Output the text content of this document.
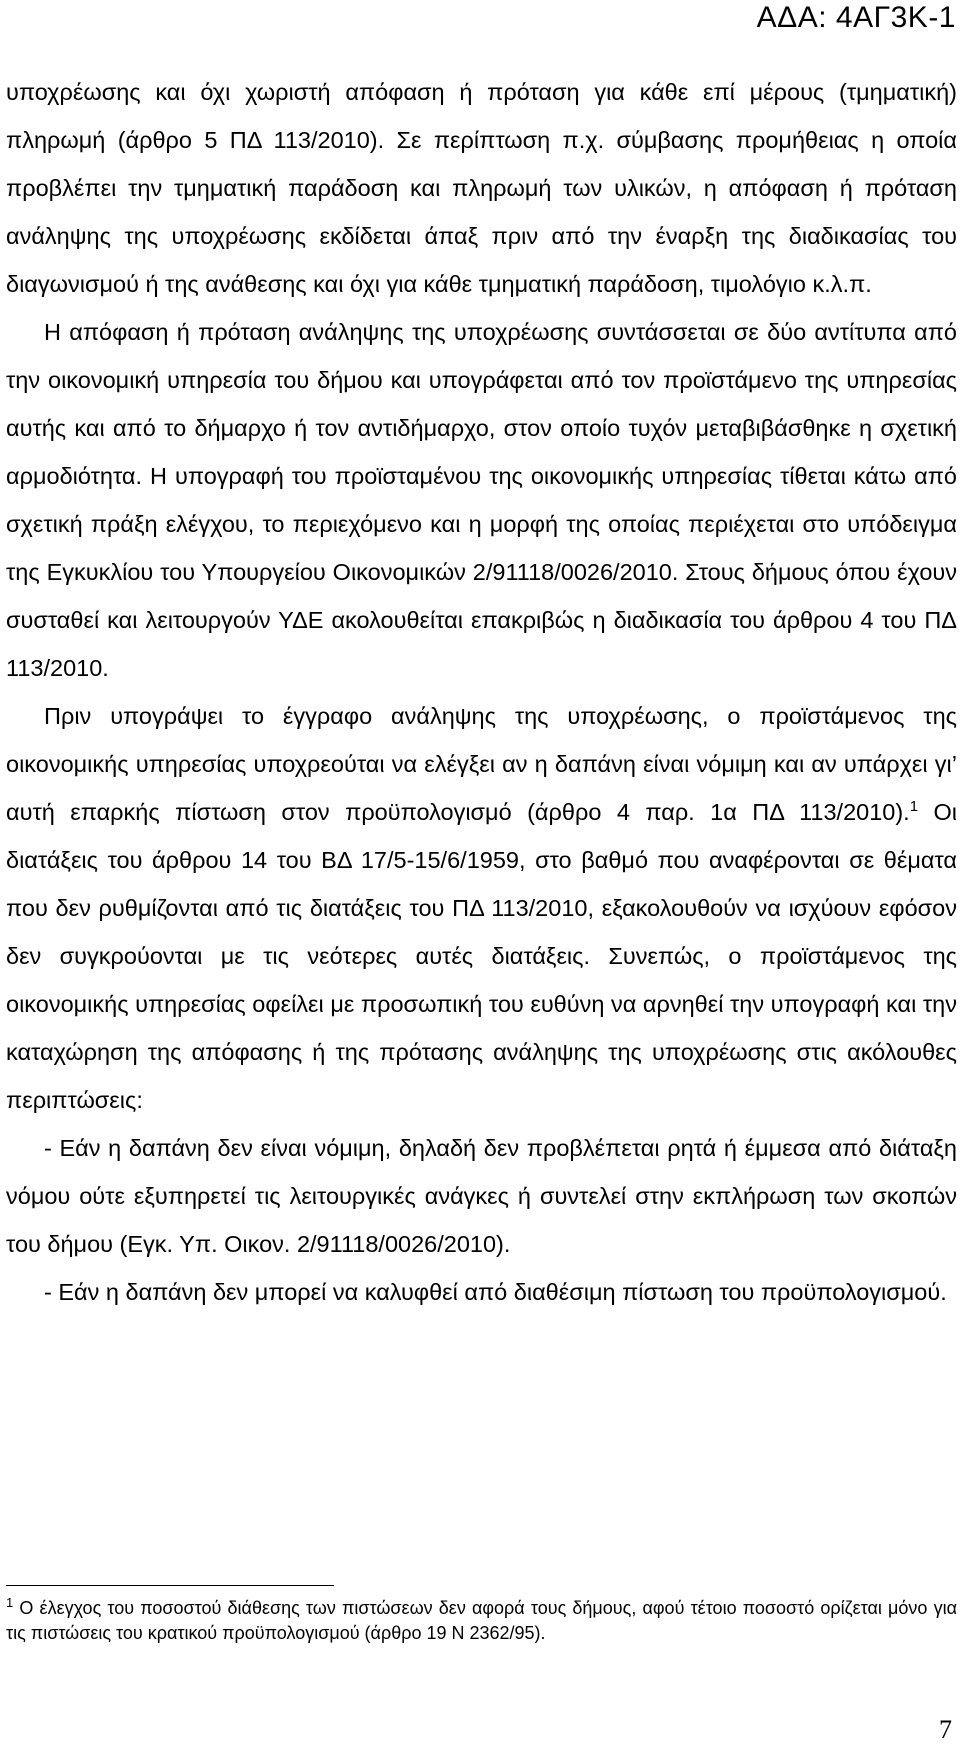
ΑΔΑ: 4ΑΓ3Κ-1

υποχρέωσης και όχι χωριστή απόφαση ή πρόταση για κάθε επί μέρους (τμηματική) πληρωμή (άρθρο 5 ΠΔ 113/2010). Σε περίπτωση π.χ. σύμβασης προμήθειας η οποία προβλέπει την τμηματική παράδοση και πληρωμή των υλικών, η απόφαση ή πρόταση ανάληψης της υποχρέωσης εκδίδεται άπαξ πριν από την έναρξη της διαδικασίας του διαγωνισμού ή της ανάθεσης και όχι για κάθε τμηματική παράδοση, τιμολόγιο κ.λ.π.

Η απόφαση ή πρόταση ανάληψης της υποχρέωσης συντάσσεται σε δύο αντίτυπα από την οικονομική υπηρεσία του δήμου και υπογράφεται από τον προϊστάμενο της υπηρεσίας αυτής και από το δήμαρχο ή τον αντιδήμαρχο, στον οποίο τυχόν μεταβιβάσθηκε η σχετική αρμοδιότητα. Η υπογραφή του προϊσταμένου της οικονομικής υπηρεσίας τίθεται κάτω από σχετική πράξη ελέγχου, το περιεχόμενο και η μορφή της οποίας περιέχεται στο υπόδειγμα της Εγκυκλίου του Υπουργείου Οικονομικών 2/91118/0026/2010. Στους δήμους όπου έχουν συσταθεί και λειτουργούν ΥΔΕ ακολουθείται επακριβώς η διαδικασία του άρθρου 4 του ΠΔ 113/2010.

Πριν υπογράψει το έγγραφο ανάληψης της υποχρέωσης, ο προϊστάμενος της οικονομικής υπηρεσίας υποχρεούται να ελέγξει αν η δαπάνη είναι νόμιμη και αν υπάρχει γι’ αυτή επαρκής πίστωση στον προϋπολογισμό (άρθρο 4 παρ. 1α ΠΔ 113/2010).$^1$ Οι διατάξεις του άρθρου 14 του ΒΔ 17/5-15/6/1959, στο βαθμό που αναφέρονται σε θέματα που δεν ρυθμίζονται από τις διατάξεις του ΠΔ 113/2010, εξακολουθούν να ισχύουν εφόσον δεν συγκρούονται με τις νεότερες αυτές διατάξεις. Συνεπώς, ο προϊστάμενος της οικονομικής υπηρεσίας οφείλει με προσωπική του ευθύνη να αρνηθεί την υπογραφή και την καταχώρηση της απόφασης ή της πρότασης ανάληψης της υποχρέωσης στις ακόλουθες περιπτώσεις:

- Εάν η δαπάνη δεν είναι νόμιμη, δηλαδή δεν προβλέπεται ρητά ή έμμεσα από διάταξη νόμου ούτε εξυπηρετεί τις λειτουργικές ανάγκες ή συντελεί στην εκπλήρωση των σκοπών του δήμου (Εγκ. Υπ. Οικον. 2/91118/0026/2010).

- Εάν η δαπάνη δεν μπορεί να καλυφθεί από διαθέσιμη πίστωση του προϋπολογισμού.

$^1$ Ο έλεγχος του ποσοστού διάθεσης των πιστώσεων δεν αφορά τους δήμους, αφού τέτοιο ποσοστό ορίζεται μόνο για τις πιστώσεις του κρατικού προϋπολογισμού (άρθρο 19 Ν 2362/95).
7
